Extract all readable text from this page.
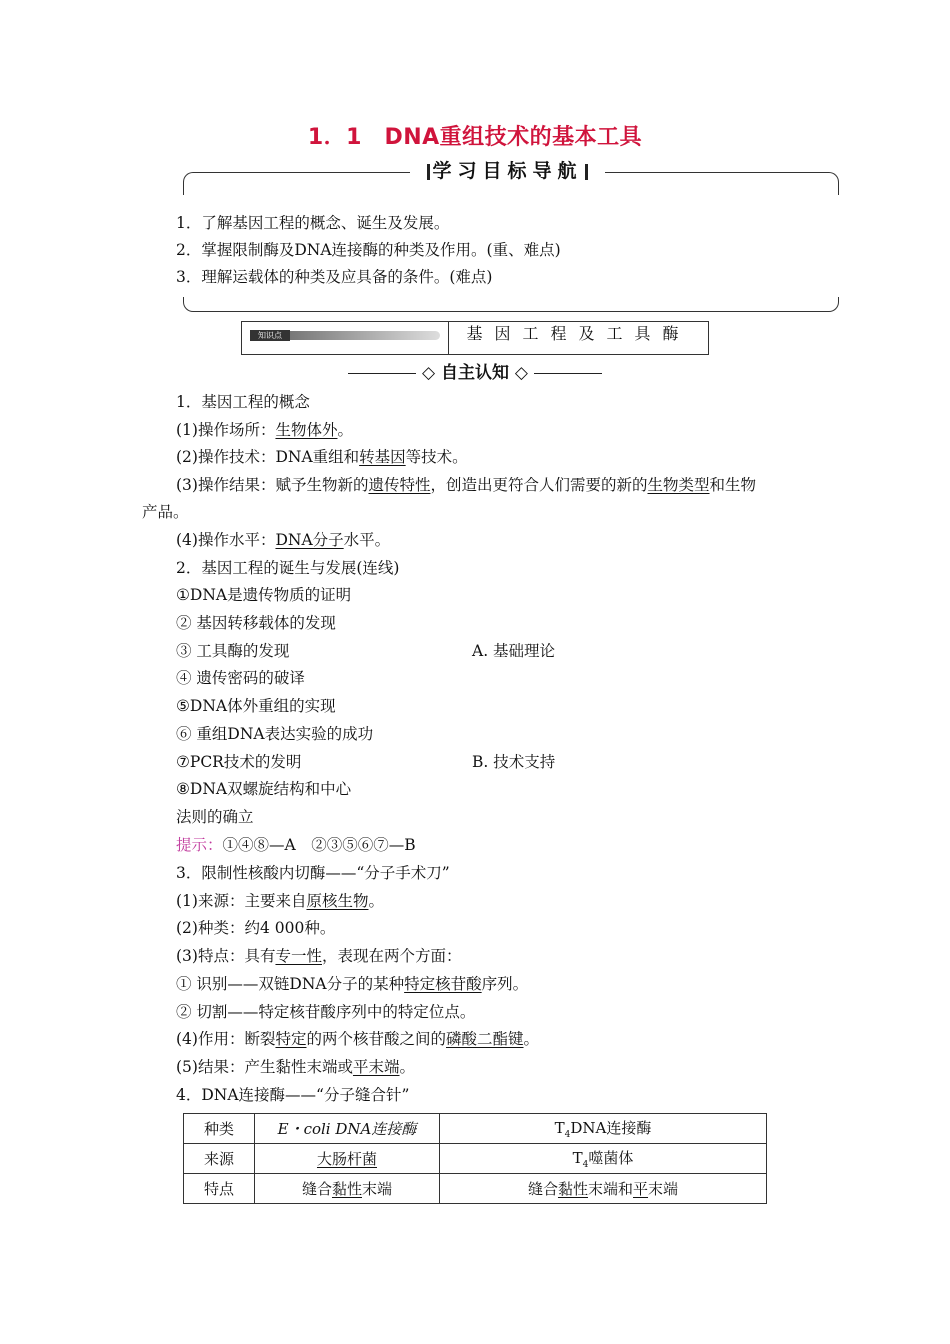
1．1　DNA重组技术的基本工具
学习目标导航
1．了解基因工程的概念、诞生及发展。
2．掌握限制酶及DNA连接酶的种类及作用。(重、难点)
3．理解运载体的种类及应具备的条件。(难点)
知识点	基因工程及工具酶
◇ 自主认知 ◇
1．基因工程的概念
(1)操作场所：生物体外。
(2)操作技术：DNA重组和转基因等技术。
(3)操作结果：赋予生物新的遗传特性，创造出更符合人们需要的新的生物类型和生物
产品。
(4)操作水平：DNA分子水平。
2．基因工程的诞生与发展(连线)
①DNA是遗传物质的证明
② 基因转移载体的发现
③ 工具酶的发现	A. 基础理论
④ 遗传密码的破译
⑤DNA体外重组的实现
⑥ 重组DNA表达实验的成功
⑦PCR技术的发明	B. 技术支持
⑧DNA双螺旋结构和中心
法则的确立
提示：①④⑧—A　②③⑤⑥⑦—B
3．限制性核酸内切酶——“分子手术刀”
(1)来源：主要来自原核生物。
(2)种类：约4 000种。
(3)特点：具有专一性，表现在两个方面：
① 识别——双链DNA分子的某种特定核苷酸序列。
② 切割——特定核苷酸序列中的特定位点。
(4)作用：断裂特定的两个核苷酸之间的磷酸二酯键。
(5)结果：产生黏性末端或平末端。
4．DNA连接酶——“分子缝合针”
种类	E・coli DNA连接酶	$T_4DNA$连接酶
来源	大肠杆菌	$T_4$噬菌体
特点	缝合黏性末端	缝合黏性末端和平末端
